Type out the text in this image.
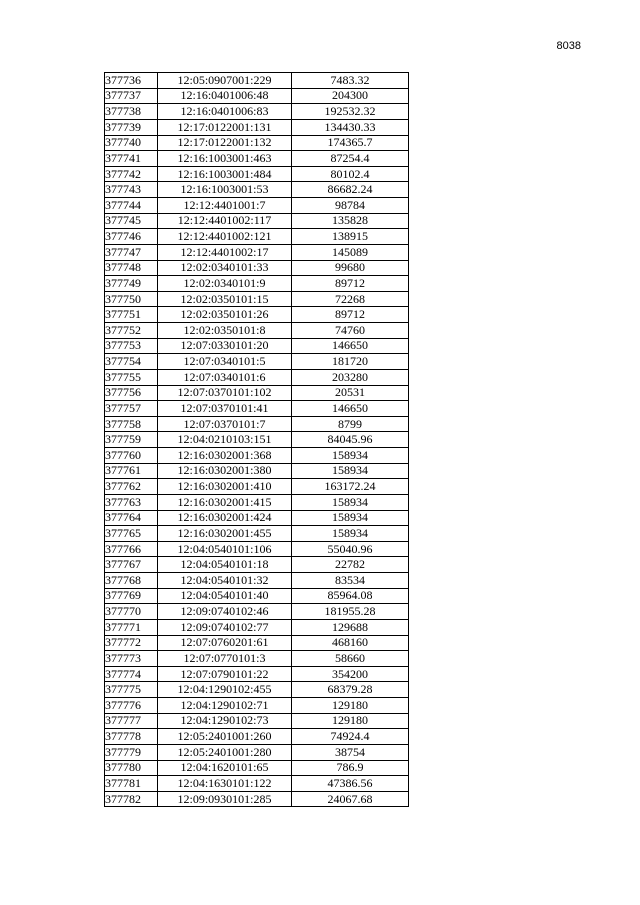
8038
377736	12:05:0907001:229	7483.32
377737	12:16:0401006:48	204300
377738	12:16:0401006:83	192532.32
377739	12:17:0122001:131	134430.33
377740	12:17:0122001:132	174365.7
377741	12:16:1003001:463	87254.4
377742	12:16:1003001:484	80102.4
377743	12:16:1003001:53	86682.24
377744	12:12:4401001:7	98784
377745	12:12:4401002:117	135828
377746	12:12:4401002:121	138915
377747	12:12:4401002:17	145089
377748	12:02:0340101:33	99680
377749	12:02:0340101:9	89712
377750	12:02:0350101:15	72268
377751	12:02:0350101:26	89712
377752	12:02:0350101:8	74760
377753	12:07:0330101:20	146650
377754	12:07:0340101:5	181720
377755	12:07:0340101:6	203280
377756	12:07:0370101:102	20531
377757	12:07:0370101:41	146650
377758	12:07:0370101:7	8799
377759	12:04:0210103:151	84045.96
377760	12:16:0302001:368	158934
377761	12:16:0302001:380	158934
377762	12:16:0302001:410	163172.24
377763	12:16:0302001:415	158934
377764	12:16:0302001:424	158934
377765	12:16:0302001:455	158934
377766	12:04:0540101:106	55040.96
377767	12:04:0540101:18	22782
377768	12:04:0540101:32	83534
377769	12:04:0540101:40	85964.08
377770	12:09:0740102:46	181955.28
377771	12:09:0740102:77	129688
377772	12:07:0760201:61	468160
377773	12:07:0770101:3	58660
377774	12:07:0790101:22	354200
377775	12:04:1290102:455	68379.28
377776	12:04:1290102:71	129180
377777	12:04:1290102:73	129180
377778	12:05:2401001:260	74924.4
377779	12:05:2401001:280	38754
377780	12:04:1620101:65	786.9
377781	12:04:1630101:122	47386.56
377782	12:09:0930101:285	24067.68
